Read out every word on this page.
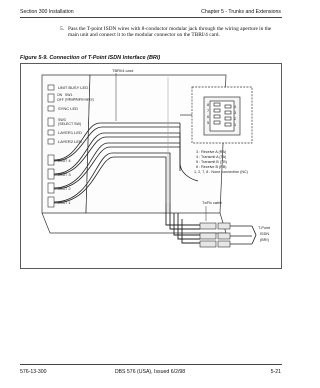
Section 300 Installation	Chapter 5 - Trunks and Extensions
5. Pass the T-point ISDN wires with 8-conductor modular jack through the wiring aperture in the main unit and connect it to the modular connector on the TBRI/4 card.
Figure 5-9. Connection of T-Point ISDN Interface (BRI)
UNIT BUSY LED
ON
OFF
SW1
(Initial/Maintenance)
SYNC LED
SW3
(SELECT SW)
LAYER1 LED
LAYER2 LED
UNIT 4
UNIT 3
UNIT 2
UNIT 1
TBRI/4 card
8
7
6
5
4
3
2
1
3 : Receive A (RA)
4 : Transmit A (TA)
5 : Transmit B (TB)
6 : Receive B (RB)
1, 2, 7, 8 : None connection (NC)
Tx/Rx cable
T-Point
ISDN
(BRI)
576-13-300	DBS 576 (USA), Issued 6/2/98	5-21
